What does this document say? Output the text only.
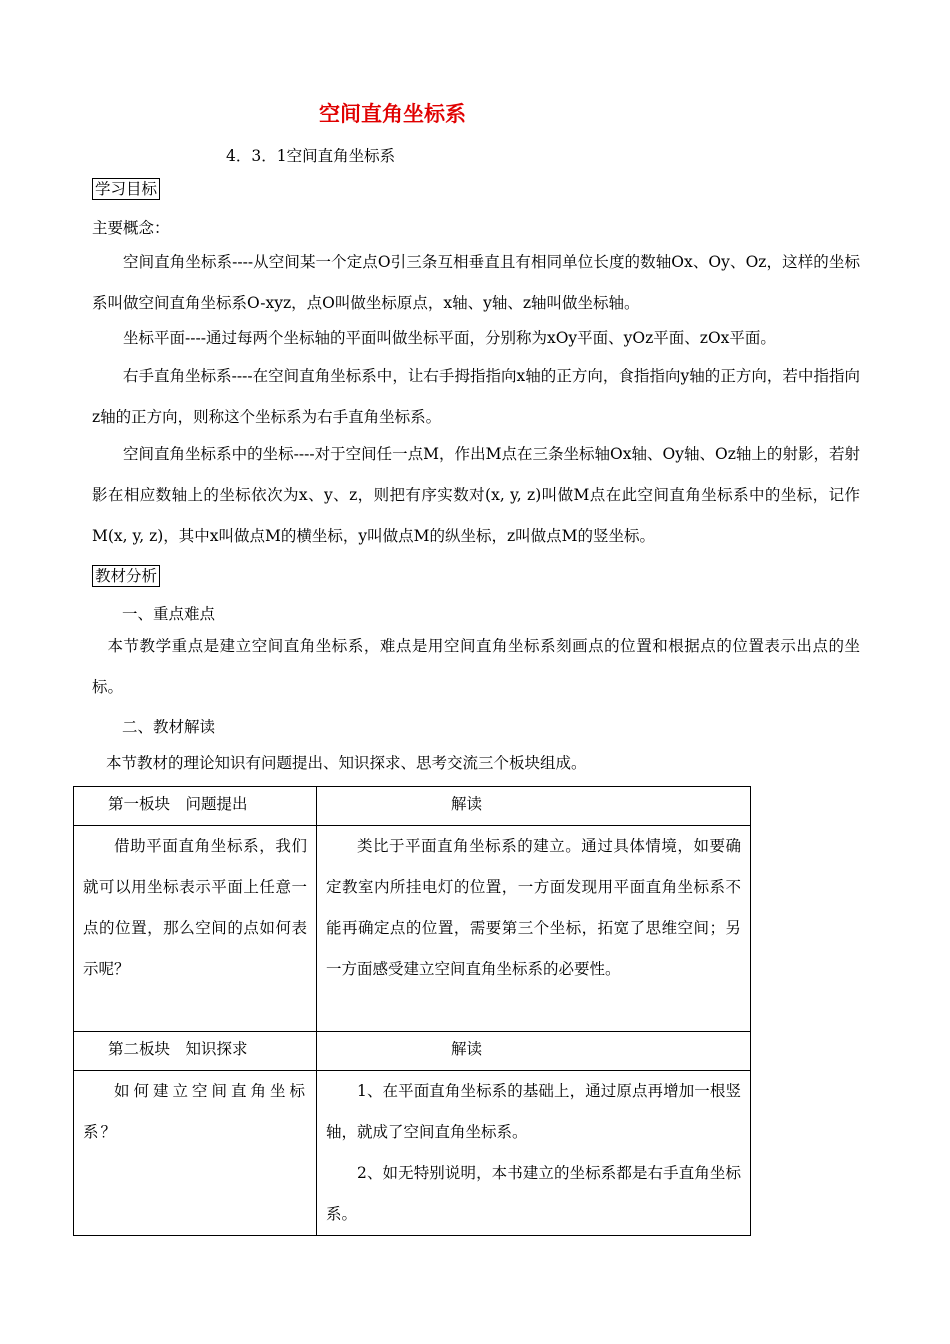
空间直角坐标系
4．3．1空间直角坐标系
学习目标
主要概念：
空间直角坐标系----从空间某一个定点O引三条互相垂直且有相同单位长度的数轴Ox、Oy、Oz，这样的坐标系叫做空间直角坐标系O-xyz，点O叫做坐标原点，x轴、y轴、z轴叫做坐标轴。
坐标平面----通过每两个坐标轴的平面叫做坐标平面，分别称为xOy平面、yOz平面、zOx平面。
右手直角坐标系----在空间直角坐标系中，让右手拇指指向x轴的正方向，食指指向y轴的正方向，若中指指向z轴的正方向，则称这个坐标系为右手直角坐标系。
空间直角坐标系中的坐标----对于空间任一点M，作出M点在三条坐标轴Ox轴、Oy轴、Oz轴上的射影，若射影在相应数轴上的坐标依次为x、y、z，则把有序实数对(x, y, z)叫做M点在此空间直角坐标系中的坐标，记作M(x, y, z)，其中x叫做点M的横坐标，y叫做点M的纵坐标，z叫做点M的竖坐标。
教材分析
一、重点难点
本节教学重点是建立空间直角坐标系，难点是用空间直角坐标系刻画点的位置和根据点的位置表示出点的坐标。
二、教材解读
本节教材的理论知识有问题提出、知识探求、思考交流三个板块组成。
第一板块　问题提出	解读
借助平面直角坐标系，我们就可以用坐标表示平面上任意一点的位置，那么空间的点如何表示呢？	类比于平面直角坐标系的建立。通过具体情境，如要确定教室内所挂电灯的位置，一方面发现用平面直角坐标系不能再确定点的位置，需要第三个坐标，拓宽了思维空间；另一方面感受建立空间直角坐标系的必要性。
第二板块　知识探求	解读
如何建立空间直角坐标系？	1、在平面直角坐标系的基础上，通过原点再增加一根竖轴，就成了空间直角坐标系。
2、如无特别说明，本书建立的坐标系都是右手直角坐标系。
